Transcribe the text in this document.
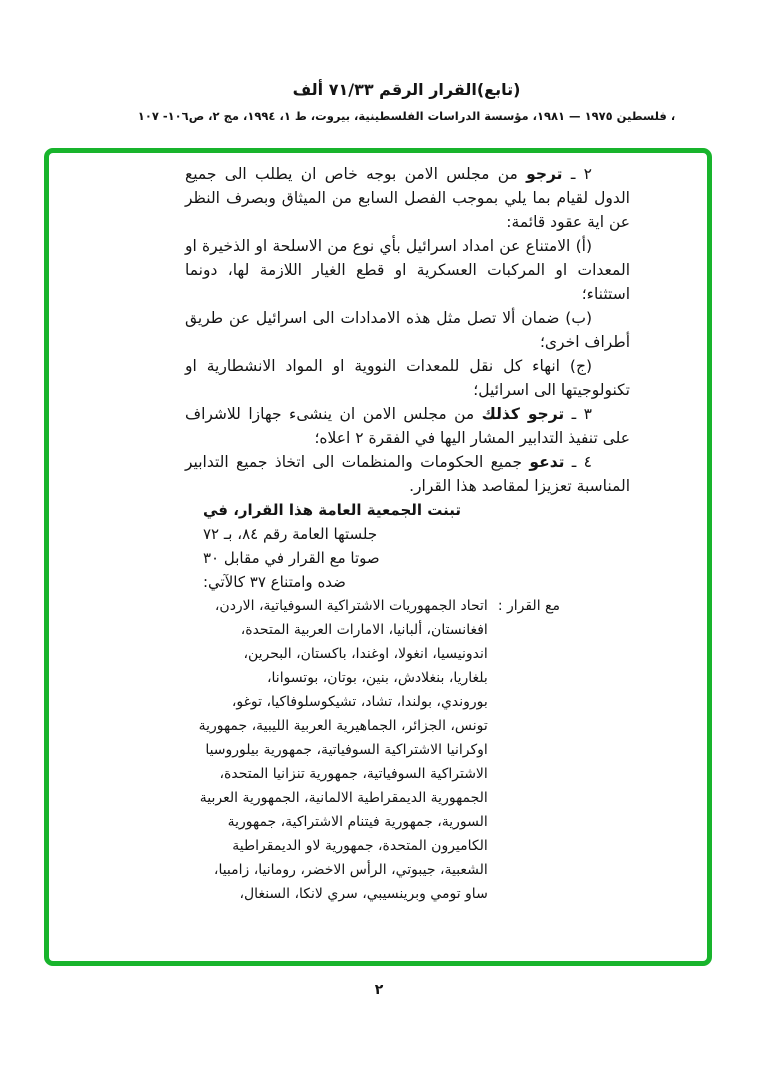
(تابع)القرار الرقم ٧١/٣٣ ألف
، فلسطين ١٩٧٥ — ١٩٨١، مؤسسة الدراسات الفلسطينية، بيروت، ط ١، ١٩٩٤، مج ٢، ص١٠٦- ١٠٧

٢ ـ ترجو من مجلس الامن بوجه خاص ان يطلب الى جميع الدول لقيام بما يلي بموجب الفصل السابع من الميثاق وبصرف النظر عن اية عقود قائمة:

(أ) الامتناع عن امداد اسرائيل بأي نوع من الاسلحة او الذخيرة او المعدات او المركبات العسكرية او قطع الغيار اللازمة لها، دونما استثناء؛

(ب) ضمان ألا تصل مثل هذه الامدادات الى اسرائيل عن طريق أطراف اخرى؛

(ج) انهاء كل نقل للمعدات النووية او المواد الانشطارية او تكنولوجيتها الى اسرائيل؛

٣ ـ ترجو كذلك من مجلس الامن ان ينشىء جهازا للاشراف على تنفيذ التدابير المشار اليها في الفقرة ٢ اعلاه؛

٤ ـ تدعو جميع الحكومات والمنظمات الى اتخاذ جميع التدابير المناسبة تعزيزا لمقاصد هذا القرار.

تبنت الجمعية العامة هذا القرار، في
جلستها العامة رقم ٨٤، بـ ٧٢
صوتا مع القرار في مقابل ٣٠
ضده وامتناع ٣٧ كالآتي:
مع القرار :
اتحاد الجمهوريات الاشتراكية السوفياتية، الاردن،
افغانستان، ألبانيا، الامارات العربية المتحدة،
اندونيسيا، انغولا، اوغندا، باكستان، البحرين،
بلغاريا، بنغلادش، بنين، بوتان، بوتسوانا،
بوروندي، بولندا، تشاد، تشيكوسلوفاكيا، توغو،
تونس، الجزائر، الجماهيرية العربية الليبية، جمهورية
اوكرانيا الاشتراكية السوفياتية، جمهورية بيلوروسيا
الاشتراكية السوفياتية، جمهورية تنزانيا المتحدة،
الجمهورية الديمقراطية الالمانية، الجمهورية العربية
السورية، جمهورية فيتنام الاشتراكية، جمهورية
الكاميرون المتحدة، جمهورية لاو الديمقراطية
الشعبية، جيبوتي، الرأس الاخضر، رومانيا، زامبيا،
ساو تومي وبرينسيبي، سري لانكا، السنغال،
٢
